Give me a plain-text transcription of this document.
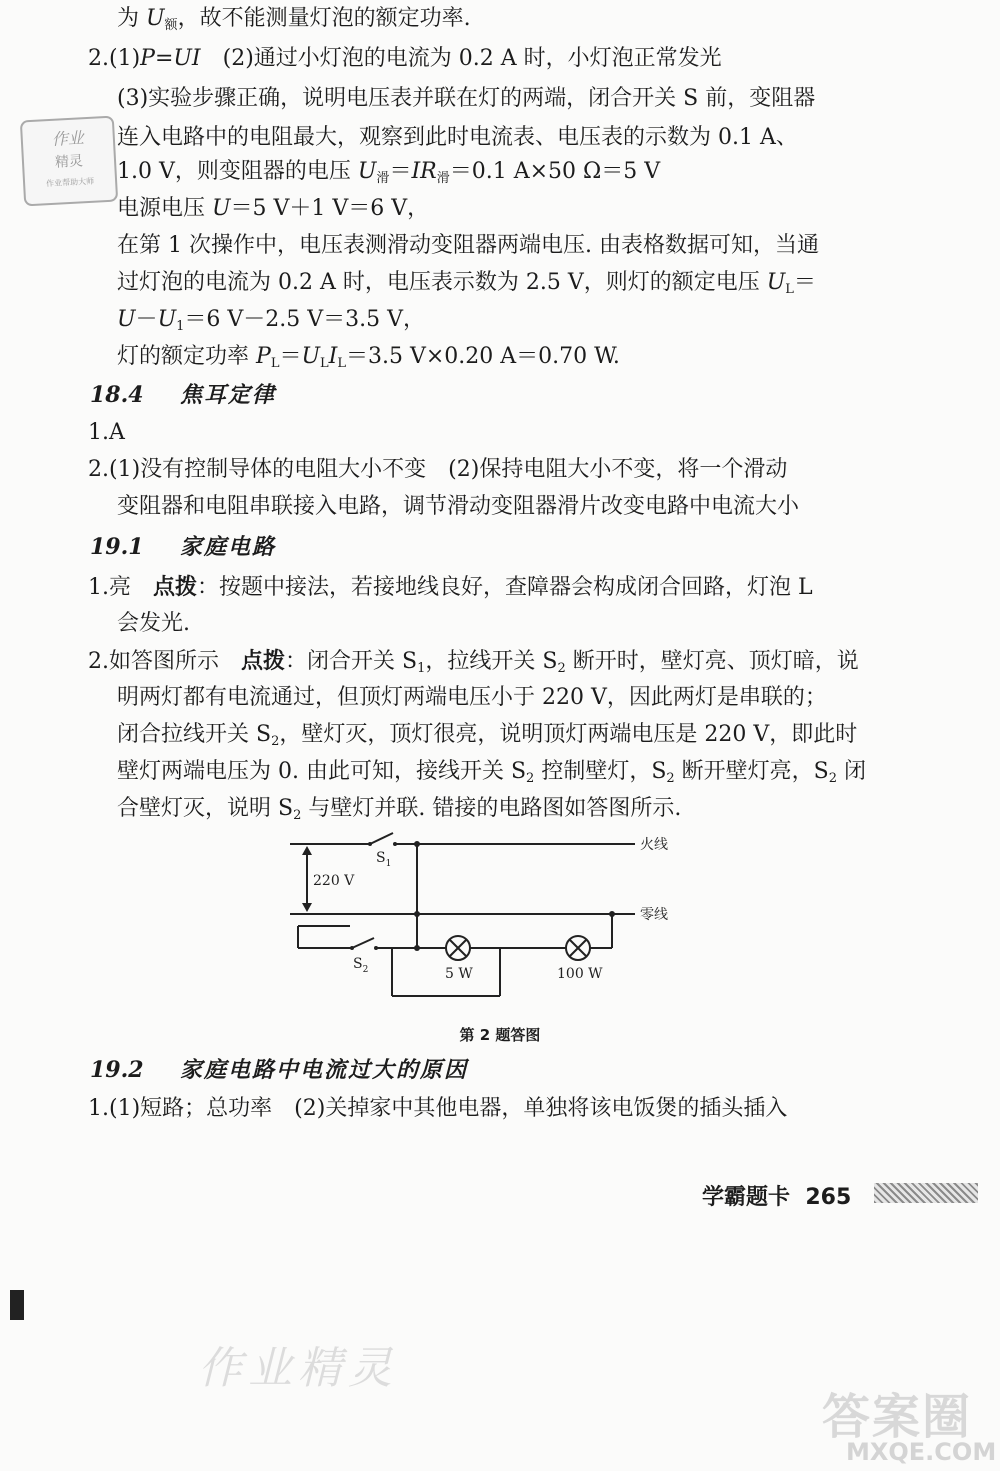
作业
精灵
作业帮助大师
为 $U_额$，故不能测量灯泡的额定功率.
2.(1)P=UI　(2)通过小灯泡的电流为 0.2 A 时，小灯泡正常发光
(3)实验步骤正确，说明电压表并联在灯的两端，闭合开关 S 前，变阻器
连入电路中的电阻最大，观察到此时电流表、电压表的示数为 0.1 A、
1.0 V，则变阻器的电压 $U_滑=IR_滑=0.1$ A×50 Ω＝5 V
电源电压 U＝5 V＋1 V＝6 V，
在第 1 次操作中，电压表测滑动变阻器两端电压. 由表格数据可知，当通
过灯泡的电流为 0.2 A 时，电压表示数为 2.5 V，则灯的额定电压 $U_L=$
$U-U_1=6$ V－2.5 V＝3.5 V，
灯的额定功率 $P_L=U_LI_L=3.5$ V×0.20 A＝0.70 W.
18.4 焦耳定律
1.A
2.(1)没有控制导体的电阻大小不变　(2)保持电阻大小不变，将一个滑动
变阻器和电阻串联接入电路，调节滑动变阻器滑片改变电路中电流大小
19.1 家庭电路
1.亮　点拨：按题中接法，若接地线良好，查障器会构成闭合回路，灯泡 L
会发光.
2.如答图所示　点拨：闭合开关 $S_1$，拉线开关 $S_2$ 断开时，壁灯亮、顶灯暗，说
明两灯都有电流通过，但顶灯两端电压小于 220 V，因此两灯是串联的；
闭合拉线开关 $S_2$，壁灯灭，顶灯很亮，说明顶灯两端电压是 220 V，即此时
壁灯两端电压为 0. 由此可知，接线开关 $S_2$ 控制壁灯，$S_2$ 断开壁灯亮，$S_2$ 闭
合壁灯灭，说明 $S_2$ 与壁灯并联. 错接的电路图如答图所示.
火线
零线
220 V
$S_1$
$S_2$	5 W	100 W
第 2 题答图
19.2 家庭电路中电流过大的原因
1.(1)短路；总功率　(2)关掉家中其他电器，单独将该电饭煲的插头插入
学霸题卡 265
作业精灵
答案圈
MXQE.COM
